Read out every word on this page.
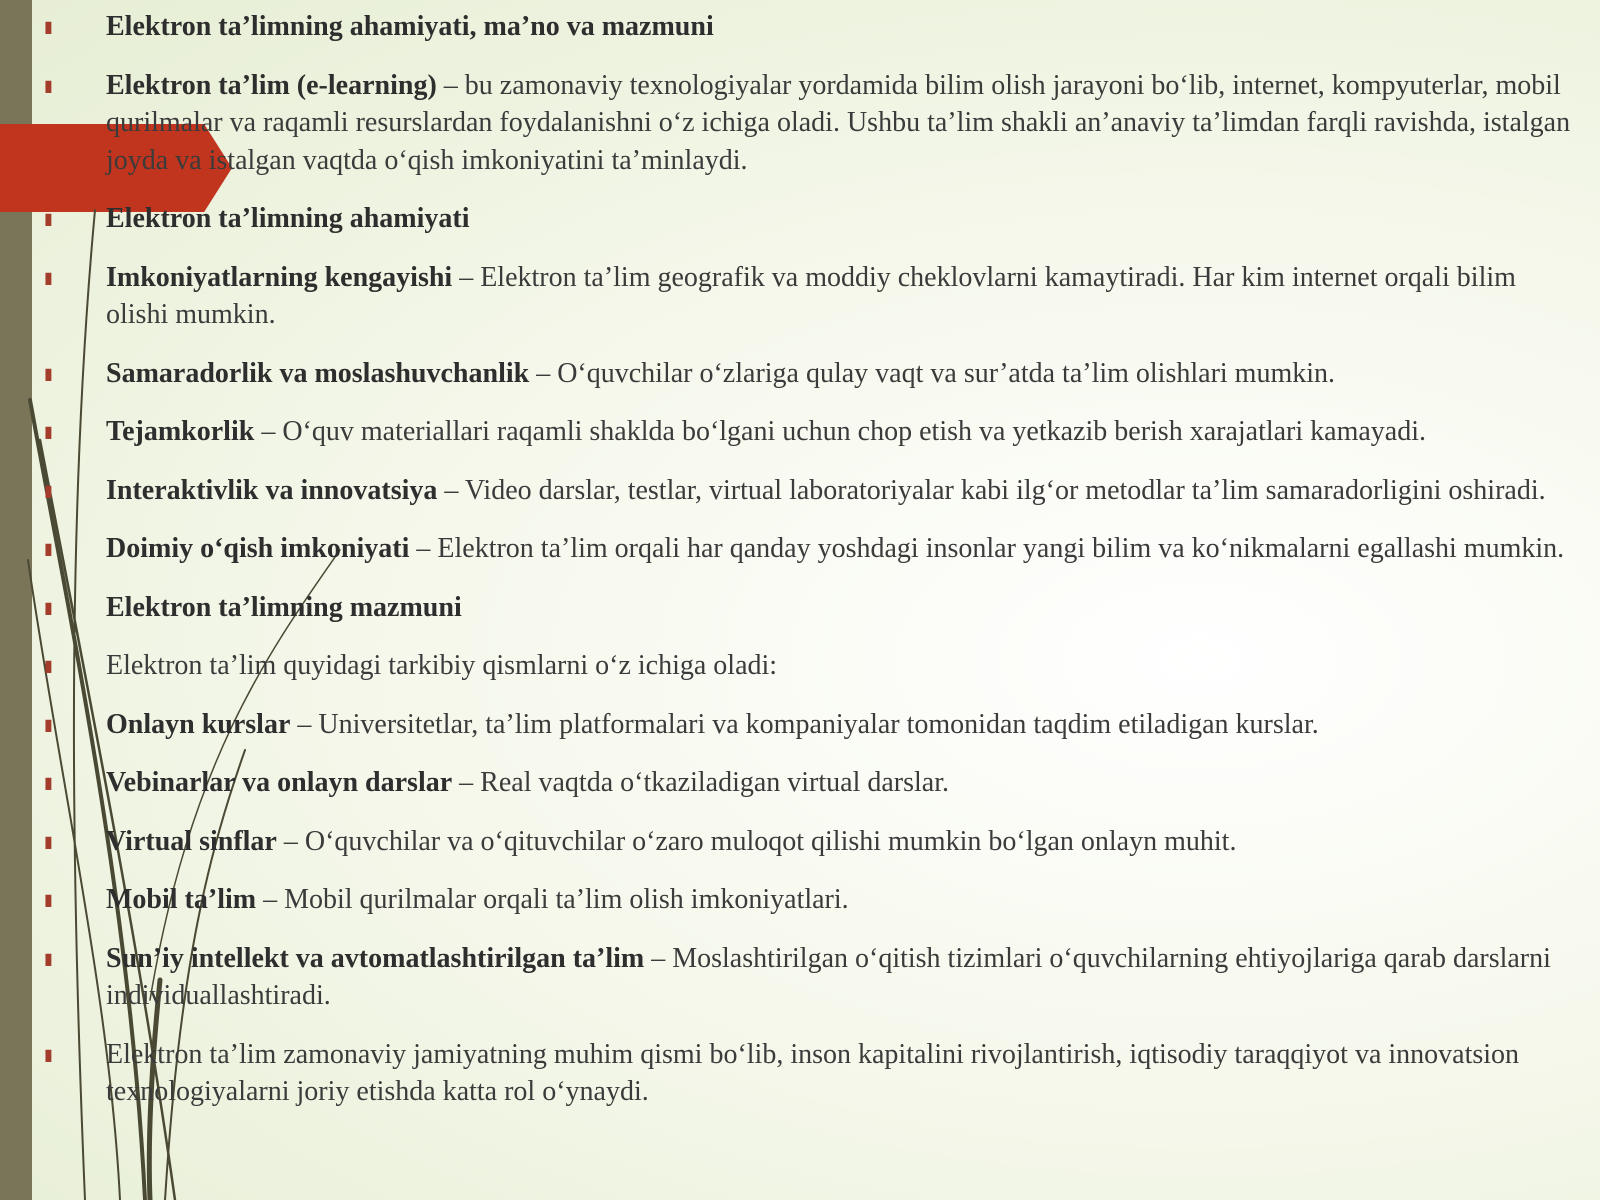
▮	Elektron ta’limning ahamiyati, ma’no va mazmuni
▮	Elektron ta’lim (e-learning) – bu zamonaviy texnologiyalar yordamida bilim olish jarayoni bo‘lib, internet, kompyuterlar, mobil qurilmalar va raqamli resurslardan foydalanishni o‘z ichiga oladi. Ushbu ta’lim shakli an’anaviy ta’limdan farqli ravishda, istalgan joyda va istalgan vaqtda o‘qish imkoniyatini ta’minlaydi.
▮	Elektron ta’limning ahamiyati
▮	Imkoniyatlarning kengayishi – Elektron ta’lim geografik va moddiy cheklovlarni kamaytiradi. Har kim internet orqali bilim olishi mumkin.
▮	Samaradorlik va moslashuvchanlik – O‘quvchilar o‘zlariga qulay vaqt va sur’atda ta’lim olishlari mumkin.
▮	Tejamkorlik – O‘quv materiallari raqamli shaklda bo‘lgani uchun chop etish va yetkazib berish xarajatlari kamayadi.
▮	Interaktivlik va innovatsiya – Video darslar, testlar, virtual laboratoriyalar kabi ilg‘or metodlar ta’lim samaradorligini oshiradi.
▮	Doimiy o‘qish imkoniyati – Elektron ta’lim orqali har qanday yoshdagi insonlar yangi bilim va ko‘nikmalarni egallashi mumkin.
▮	Elektron ta’limning mazmuni
▮	Elektron ta’lim quyidagi tarkibiy qismlarni o‘z ichiga oladi:
▮	Onlayn kurslar – Universitetlar, ta’lim platformalari va kompaniyalar tomonidan taqdim etiladigan kurslar.
▮	Vebinarlar va onlayn darslar – Real vaqtda o‘tkaziladigan virtual darslar.
▮	Virtual sinflar – O‘quvchilar va o‘qituvchilar o‘zaro muloqot qilishi mumkin bo‘lgan onlayn muhit.
▮	Mobil ta’lim – Mobil qurilmalar orqali ta’lim olish imkoniyatlari.
▮	Sun’iy intellekt va avtomatlashtirilgan ta’lim – Moslashtirilgan o‘qitish tizimlari o‘quvchilarning ehtiyojlariga qarab darslarni individuallashtiradi.
▮	Elektron ta’lim zamonaviy jamiyatning muhim qismi bo‘lib, inson kapitalini rivojlantirish, iqtisodiy taraqqiyot va innovatsion texnologiyalarni joriy etishda katta rol o‘ynaydi.
